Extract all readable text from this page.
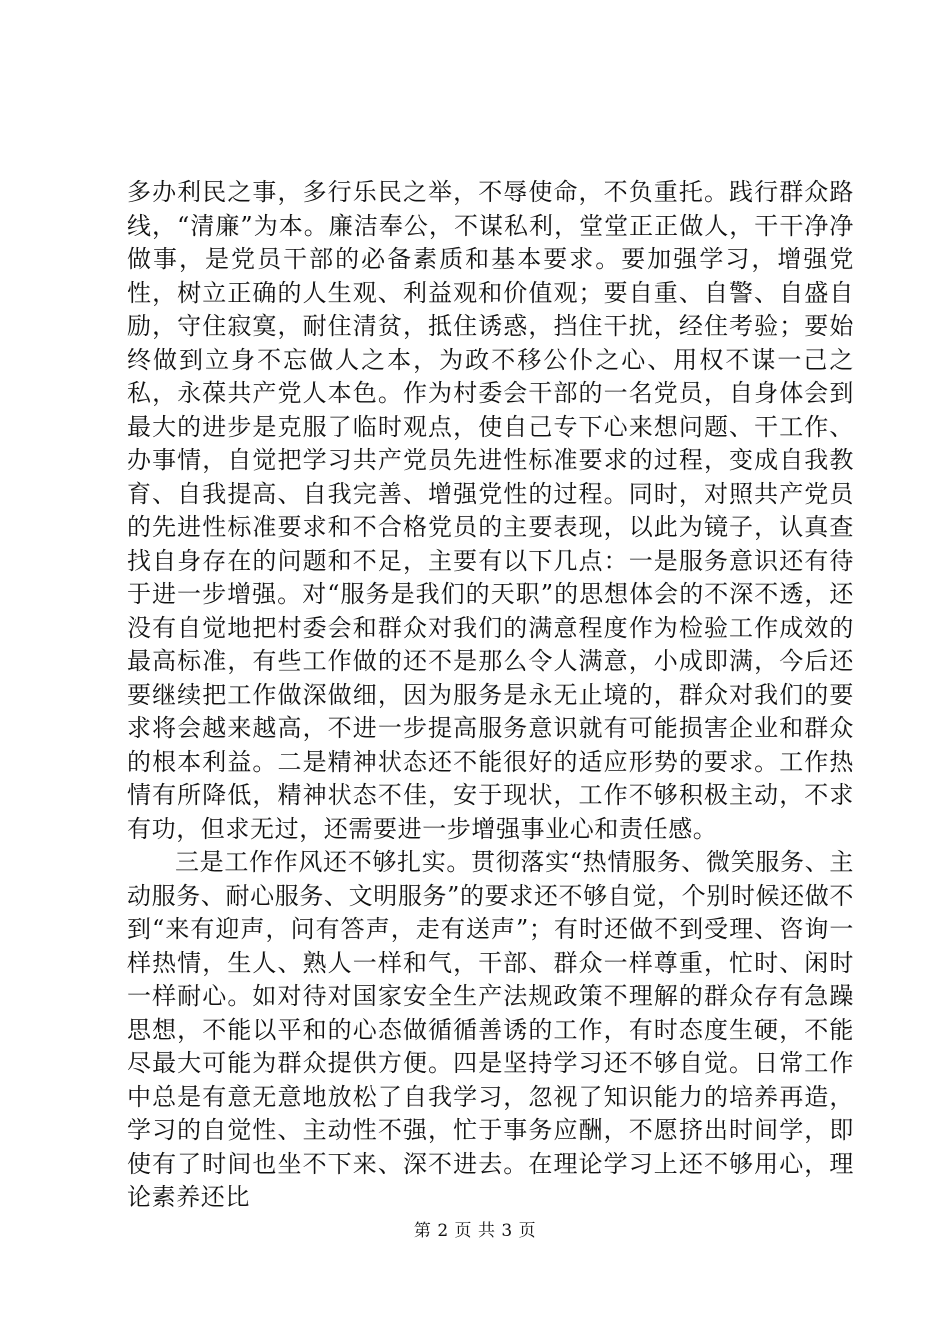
多办利民之事，多行乐民之举，不辱使命，不负重托。践行群众路线，“清廉”为本。廉洁奉公，不谋私利，堂堂正正做人，干干净净做事，是党员干部的必备素质和基本要求。要加强学习，增强党性，树立正确的人生观、利益观和价值观；要自重、自警、自盛自励，守住寂寞，耐住清贫，抵住诱惑，挡住干扰，经住考验；要始终做到立身不忘做人之本，为政不移公仆之心、用权不谋一己之私，永葆共产党人本色。作为村委会干部的一名党员，自身体会到最大的进步是克服了临时观点，使自己专下心来想问题、干工作、办事情，自觉把学习共产党员先进性标准要求的过程，变成自我教育、自我提高、自我完善、增强党性的过程。同时，对照共产党员的先进性标准要求和不合格党员的主要表现，以此为镜子，认真查找自身存在的问题和不足，主要有以下几点：一是服务意识还有待于进一步增强。对“服务是我们的天职”的思想体会的不深不透，还没有自觉地把村委会和群众对我们的满意程度作为检验工作成效的最高标准，有些工作做的还不是那么令人满意，小成即满，今后还要继续把工作做深做细，因为服务是永无止境的，群众对我们的要求将会越来越高，不进一步提高服务意识就有可能损害企业和群众的根本利益。二是精神状态还不能很好的适应形势的要求。工作热情有所降低，精神状态不佳，安于现状，工作不够积极主动，不求有功，但求无过，还需要进一步增强事业心和责任感。

三是工作作风还不够扎实。贯彻落实“热情服务、微笑服务、主动服务、耐心服务、文明服务”的要求还不够自觉，个别时候还做不到“来有迎声，问有答声，走有送声”；有时还做不到受理、咨询一样热情，生人、熟人一样和气，干部、群众一样尊重，忙时、闲时一样耐心。如对待对国家安全生产法规政策不理解的群众存有急躁思想，不能以平和的心态做循循善诱的工作，有时态度生硬，不能尽最大可能为群众提供方便。四是坚持学习还不够自觉。日常工作中总是有意无意地放松了自我学习，忽视了知识能力的培养再造，学习的自觉性、主动性不强，忙于事务应酬，不愿挤出时间学，即使有了时间也坐不下来、深不进去。在理论学习上还不够用心，理论素养还比

第 2 页 共 3 页
